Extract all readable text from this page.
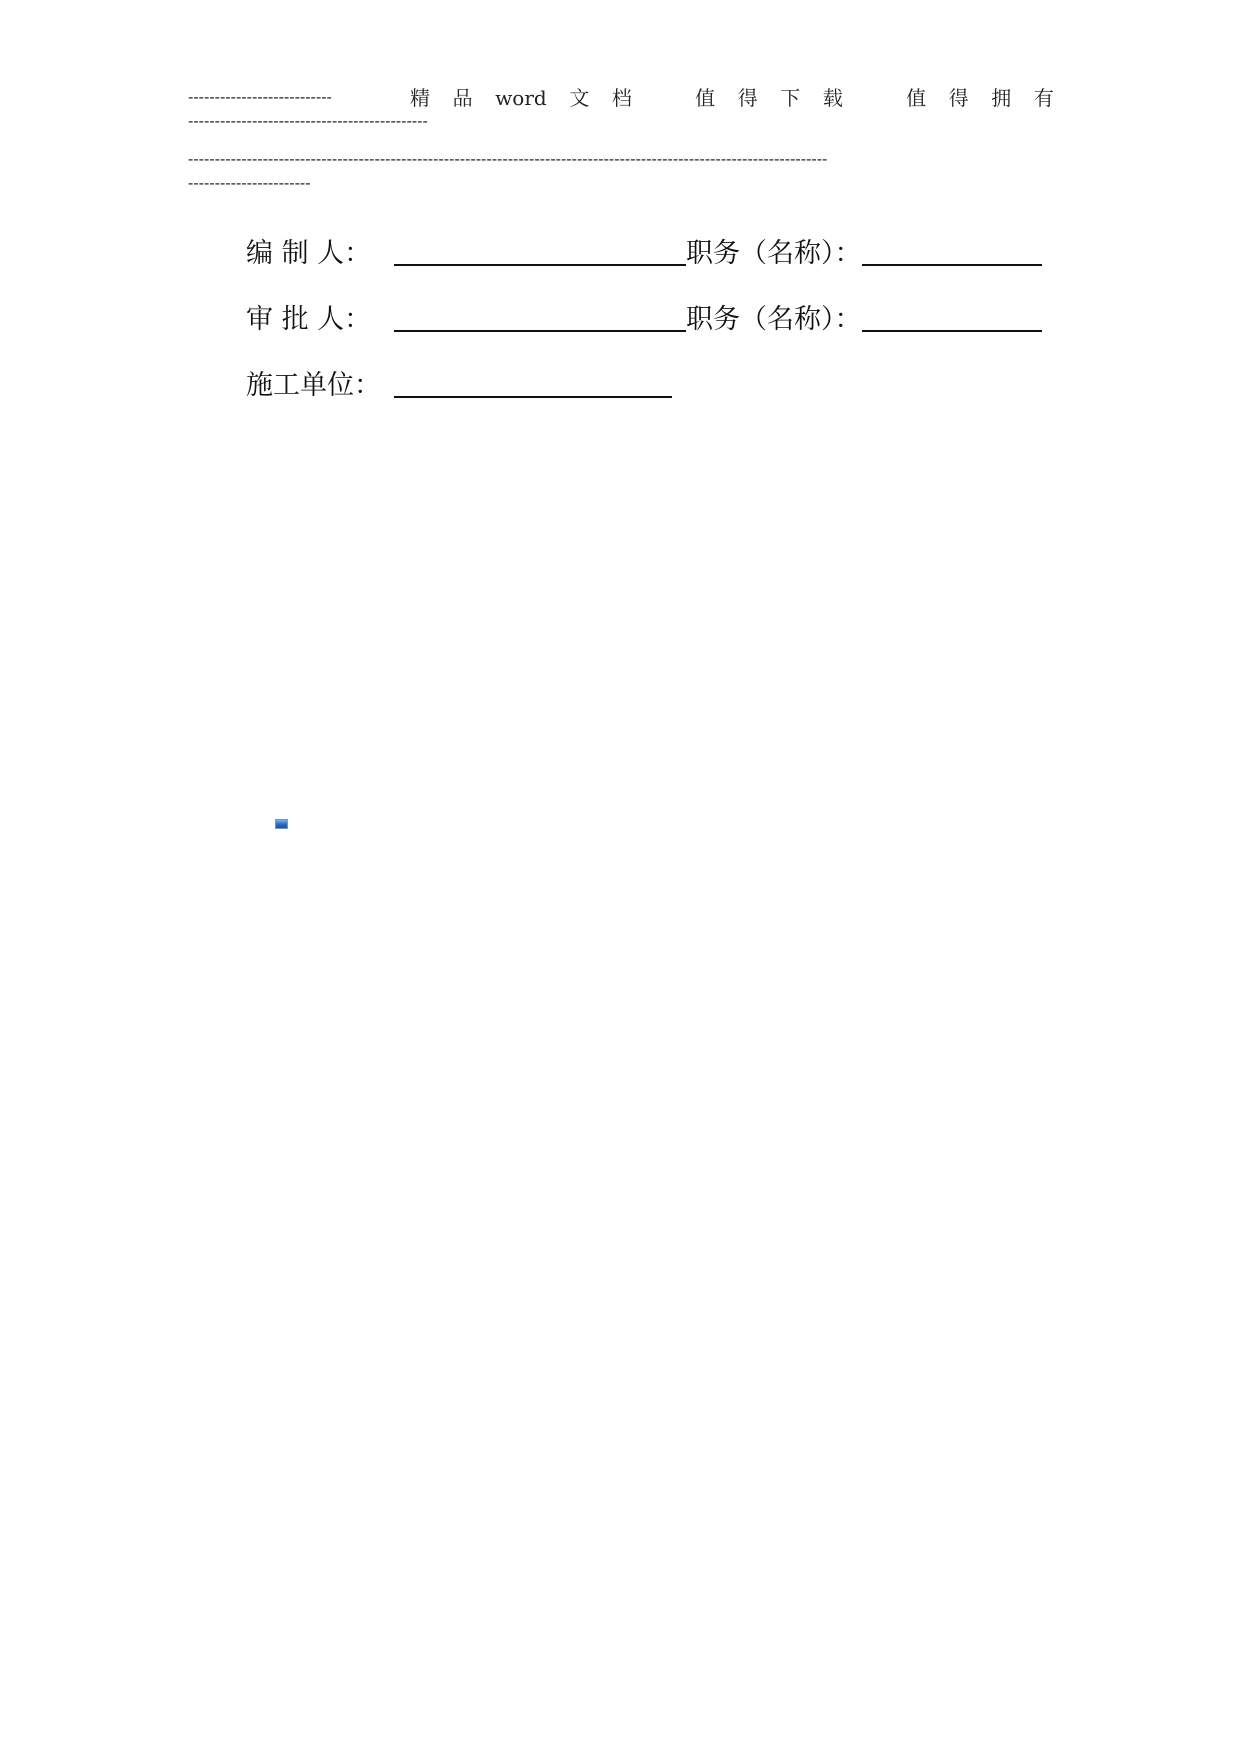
---------------------------	精 品 word 文 档	值 得 下 载	值 得 拥 有
---------------------------------------------
------------------------------------------------------------------------------------------------------------------------
-----------------------
编 制 人：	职务（名称）：
审 批 人：	职务（名称）：
施工单位：
